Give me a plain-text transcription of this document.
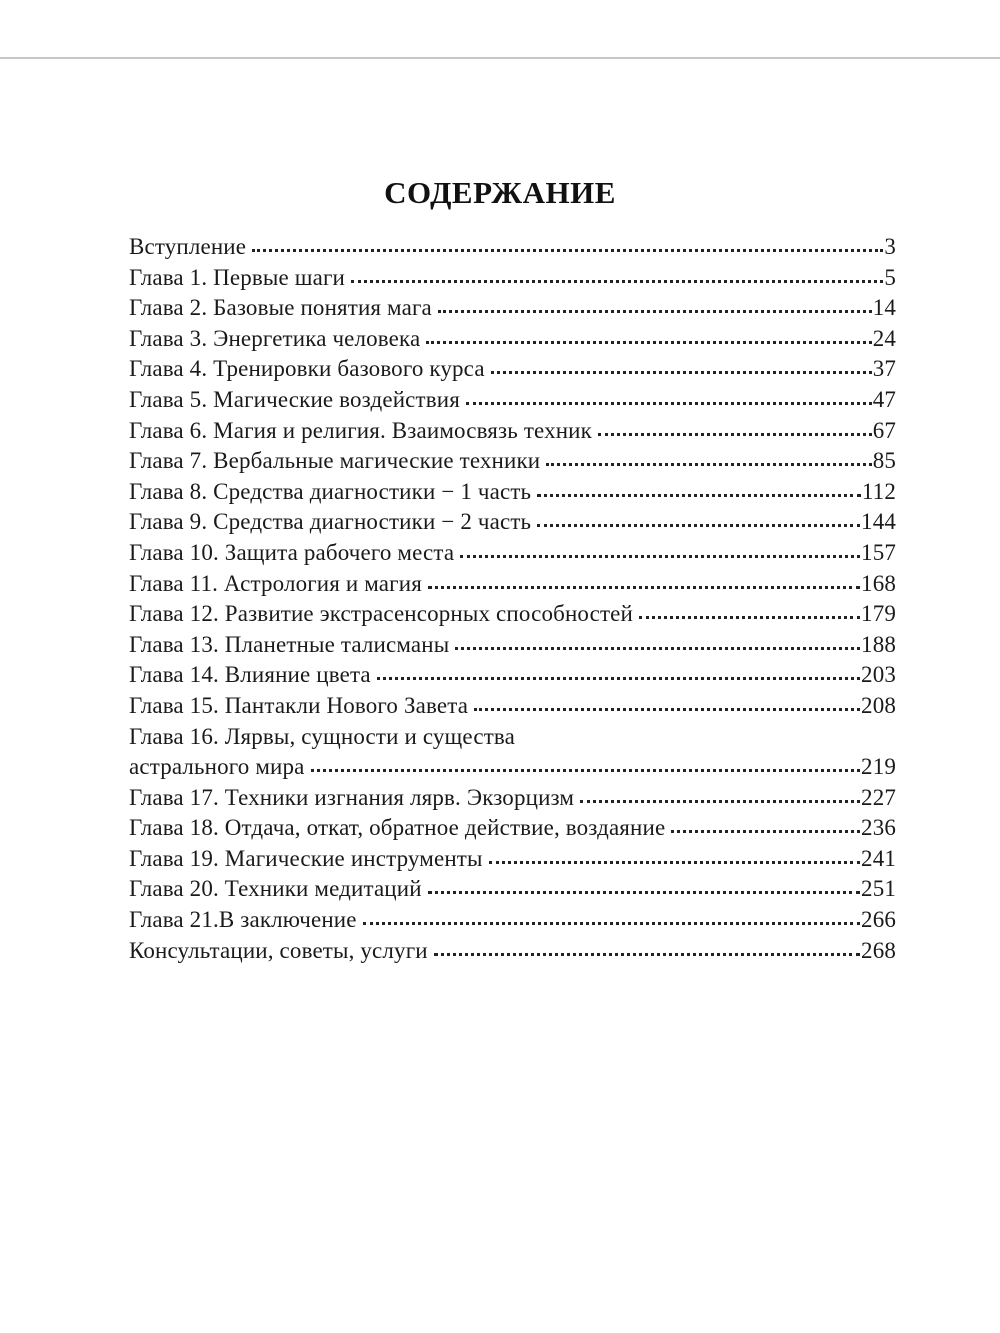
СОДЕРЖАНИЕ
Вступление	3
Глава 1. Первые шаги	5
Глава 2. Базовые понятия мага	14
Глава 3. Энергетика человека	24
Глава 4. Тренировки базового курса	37
Глава 5. Магические воздействия	47
Глава 6. Магия и религия. Взаимосвязь техник	67
Глава 7. Вербальные магические техники	85
Глава 8. Средства диагностики − 1 часть	112
Глава 9. Средства диагностики − 2 часть	144
Глава 10. Защита рабочего места	157
Глава 11. Астрология и магия	168
Глава 12. Развитие экстрасенсорных способностей	179
Глава 13. Планетные талисманы	188
Глава 14. Влияние цвета	203
Глава 15. Пантакли Нового Завета	208
Глава 16. Лярвы, сущности и существа
астрального мира	219
Глава 17. Техники изгнания лярв. Экзорцизм	227
Глава 18. Отдача, откат, обратное действие, воздаяние	236
Глава 19. Магические инструменты	241
Глава 20. Техники медитаций	251
Глава 21.В заключение	266
Консультации, советы, услуги	268
